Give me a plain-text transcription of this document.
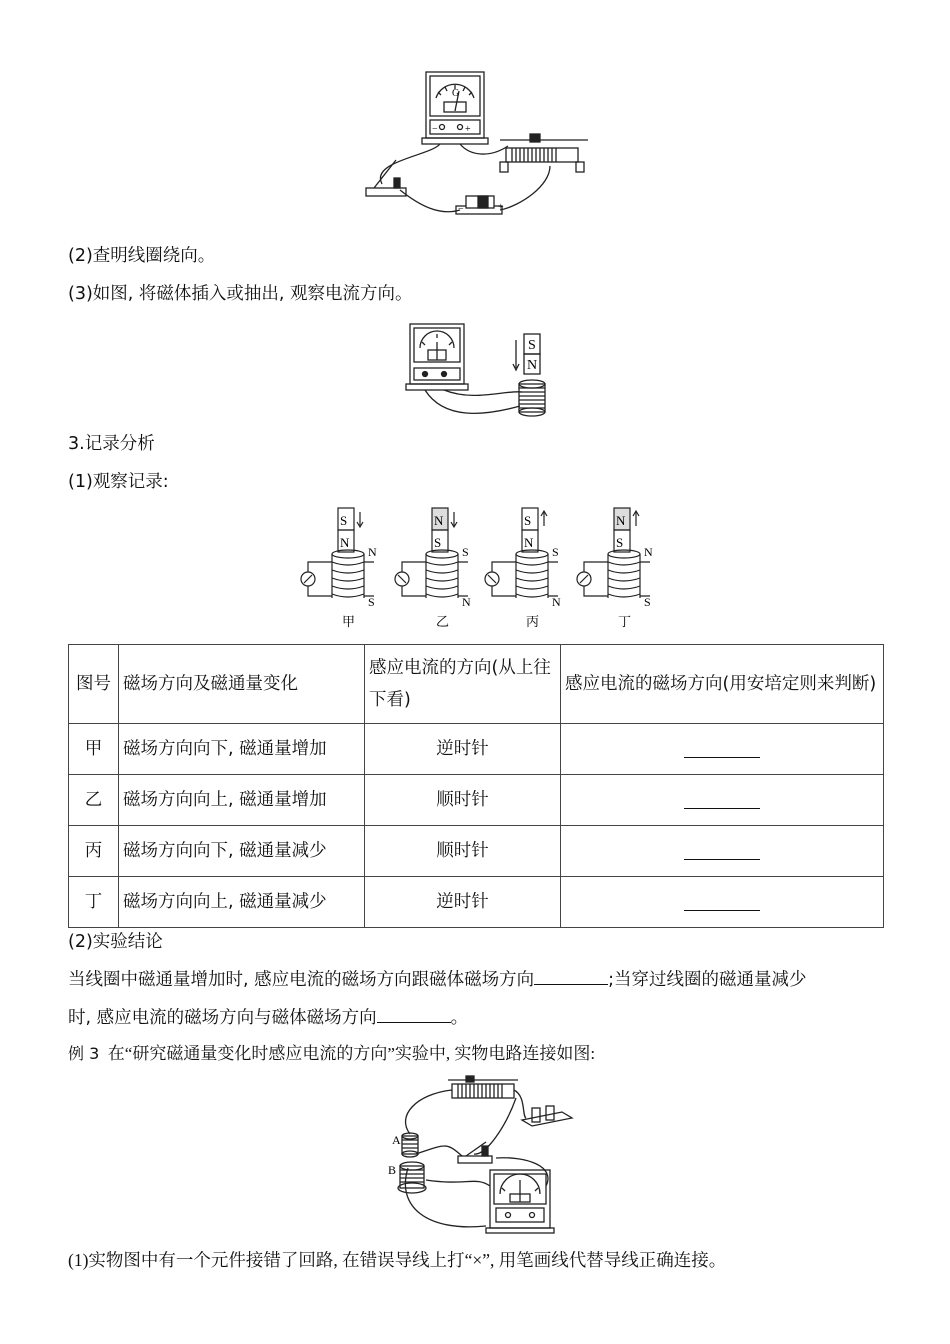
G
−	+
−	+
(2)查明线圈绕向。
(3)如图, 将磁体插入或抽出, 观察电流方向。
S
N
3.记录分析
(1)观察记录:
S
N
N
S
甲
N
S
S
N
乙
S
N
S
N
丙
N
S
N
S
丁
图号	磁场方向及磁通量变化	感应电流的方向(从上往下看)	感应电流的磁场方向(用安培定则来判断)
甲	磁场方向向下, 磁通量增加	逆时针	
乙	磁场方向向上, 磁通量增加	顺时针	
丙	磁场方向向下, 磁通量减少	顺时针	
丁	磁场方向向上, 磁通量减少	逆时针	
(2)实验结论
当线圈中磁通量增加时, 感应电流的磁场方向跟磁体磁场方向	;当穿过线圈的磁通量减少
时, 感应电流的磁场方向与磁体磁场方向	。
例 3 在“研究磁通量变化时感应电流的方向”实验中, 实物电路连接如图:
A
B
(1)实物图中有一个元件接错了回路, 在错误导线上打“×”, 用笔画线代替导线正确连接。
